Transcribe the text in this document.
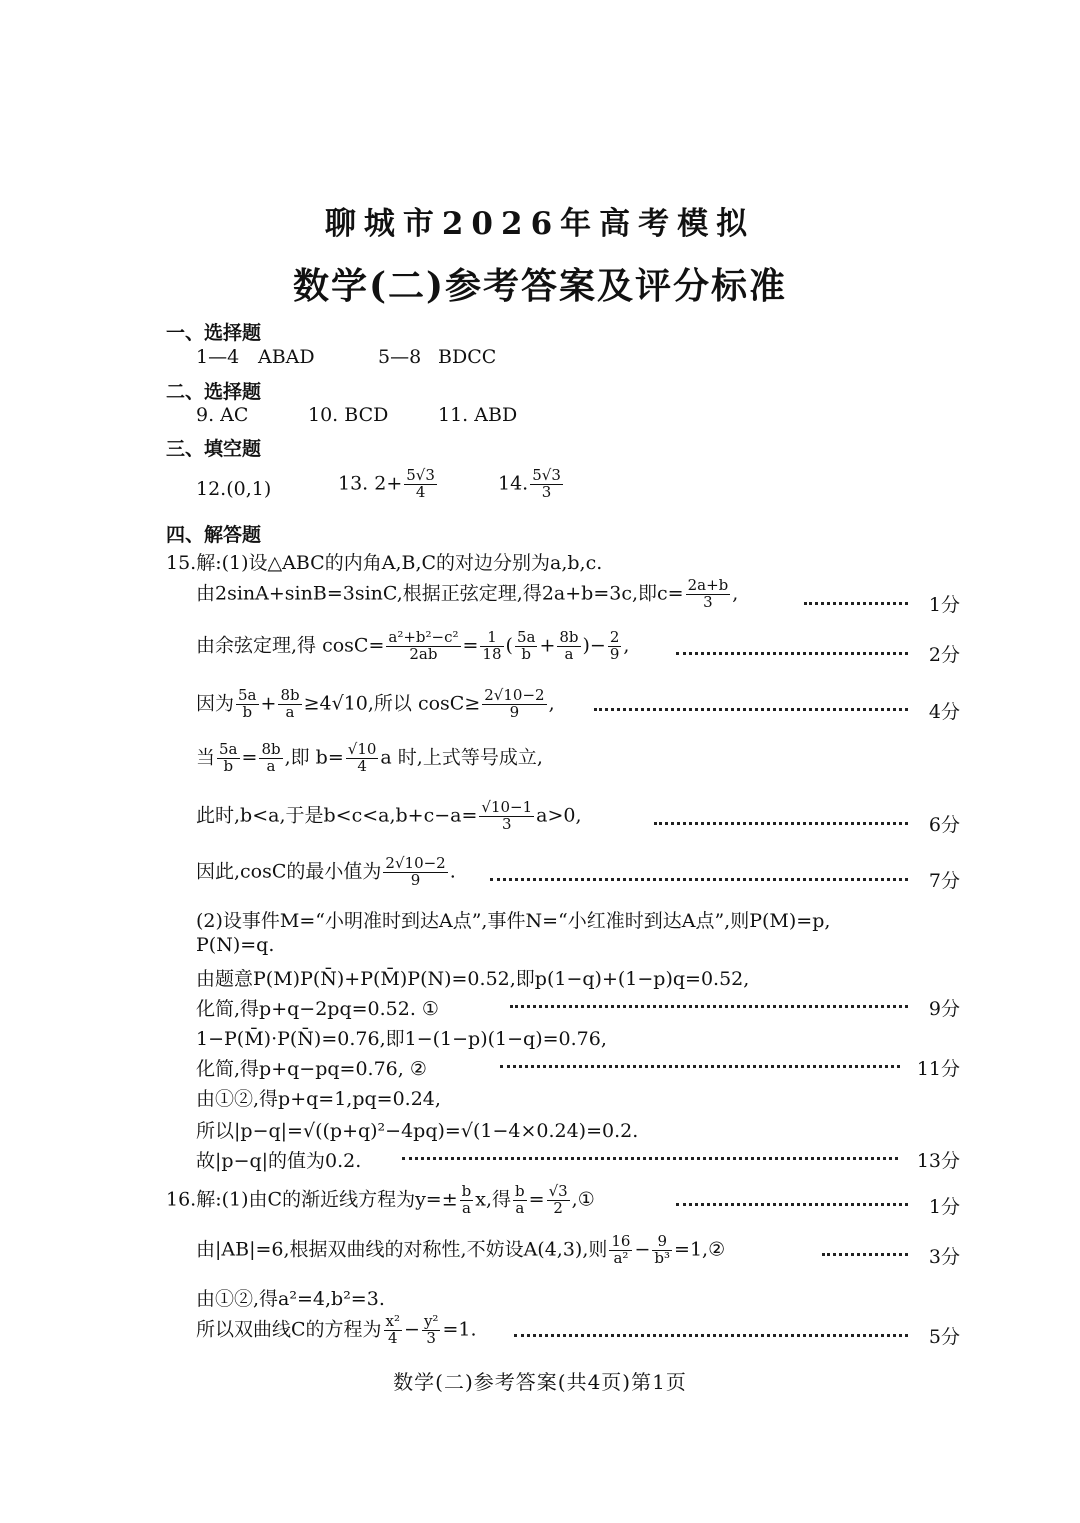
聊城市2026年高考模拟
数学(二)参考答案及评分标准
一、选择题
1—4 ABAD	5—8 BDCC
二、选择题
9. AC	10. BCD	11. ABD
三、填空题
12.(0,1)	13. $2+ \frac{5√3}{4}$	14. $\frac{5√3}{3}$
四、解答题
15.解:(1)设△ABC的内角A,B,C的对边分别为a,b,c.
由2sinA+sinB=3sinC,根据正弦定理,得2a+b=3c,即$c= \frac{2a+b}{3}$ ,
1分
由余弦定理,得 $\cos C= \frac{\text{a²+b²−c²}}{2ab} = \frac{1}{18}$ ( $\frac{5a}{b} + \frac{8b}{a}$ )− $\frac{2}{9}$ ,	2分
因为 $\frac{5a}{b} + \frac{8b}{a} \ge 4√10$,所以 $\cos C\ge \frac{2√10-2}{9}$ ,	4分
当 $\frac{5a}{b} = \frac{8b}{a}$ ,即 $b= \frac{√10}{4}$ a 时,上式等号成立,
此时,b<a,于是$b<c<a,b+c-a= \frac{√10-1}{3} a>0$,	6分
因此,cosC的最小值为 $\frac{2√10-2}{9}$ .	7分
(2)设事件M=“小明准时到达A点”,事件N=“小红准时到达A点”,则P(M)=p,
P(N)=q.
由题意P(M)P(N̄)+P(M̄)P(N)=0.52,即p(1−q)+(1−p)q=0.52,
化简,得p+q−2pq=0.52. ①	9分
1−P(M̄)·P(N̄)=0.76,即1−(1−p)(1−q)=0.76,
化简,得p+q−pq=0.76, ②	11分
由①②,得p+q=1,pq=0.24,
所以|p−q|=√((p+q)²−4pq)=√(1−4×0.24)=0.2.
故|p−q|的值为0.2.	13分
16.解:(1)由C的渐近线方程为$y=\pm \frac{b}{a} x$,得 $\frac{b}{a} = \frac{√3}{2}$ ,①	1分
由|AB|=6,根据双曲线的对称性,不妨设A(4,3),则 $\frac{16}{\text{a²}} - \frac{9}{\text{b³}}$ =1,②	3分
由①②,得a²=4,b²=3.
所以双曲线C的方程为 $\frac{\text{x²}}{4} - \frac{\text{y²}}{3} =1$.	5分
数学(二)参考答案(共4页)第1页
